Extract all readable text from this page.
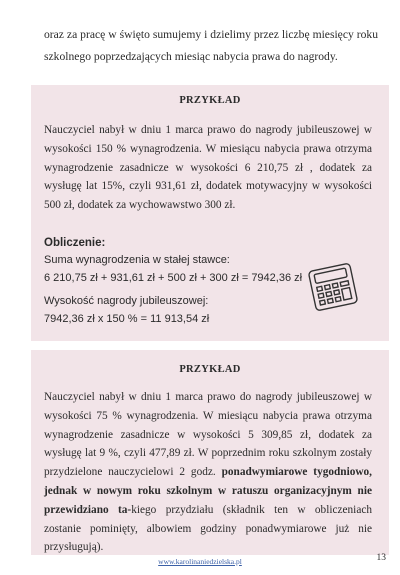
oraz za pracę w święto sumujemy i dzielimy przez liczbę miesięcy roku szkolnego poprzedzających miesiąc nabycia prawa do nagrody.

PRZYKŁAD

Nauczyciel nabył w dniu 1 marca prawo do nagrody jubileuszowej w wysokości 150 % wynagrodzenia. W miesiącu nabycia prawa otrzyma wynagrodzenie zasadnicze w wysokości 6 210,75 zł , dodatek za wysługę lat 15%, czyli 931,61 zł, dodatek motywacyjny w wysokości 500 zł, dodatek za wychowawstwo 300 zł.

Obliczenie:
Suma wynagrodzenia w stałej stawce:
6 210,75 zł + 931,61 zł + 500 zł + 300 zł = 7942,36 zł
Wysokość nagrody jubileuszowej:
7942,36 zł x 150 % = 11 913,54 zł
PRZYKŁAD

Nauczyciel nabył w dniu 1 marca prawo do nagrody jubileuszowej w wysokości 75 % wynagrodzenia. W miesiącu nabycia prawa otrzyma wynagrodzenie zasadnicze w wysokości 5 309,85 zł, dodatek za wysługę lat 9 %, czyli 477,89 zł. W poprzednim roku szkolnym zostały przydzielone nauczycielowi 2 godz. ponadwymiarowe tygodniowo, jednak w nowym roku szkolnym w ratuszu organizacyjnym nie przewidziano ta-kiego przydziału (składnik ten w obliczeniach zostanie pominięty, albowiem godziny ponadwymiarowe już nie przysługują).

www.karolinaniedzielska.pl	13
